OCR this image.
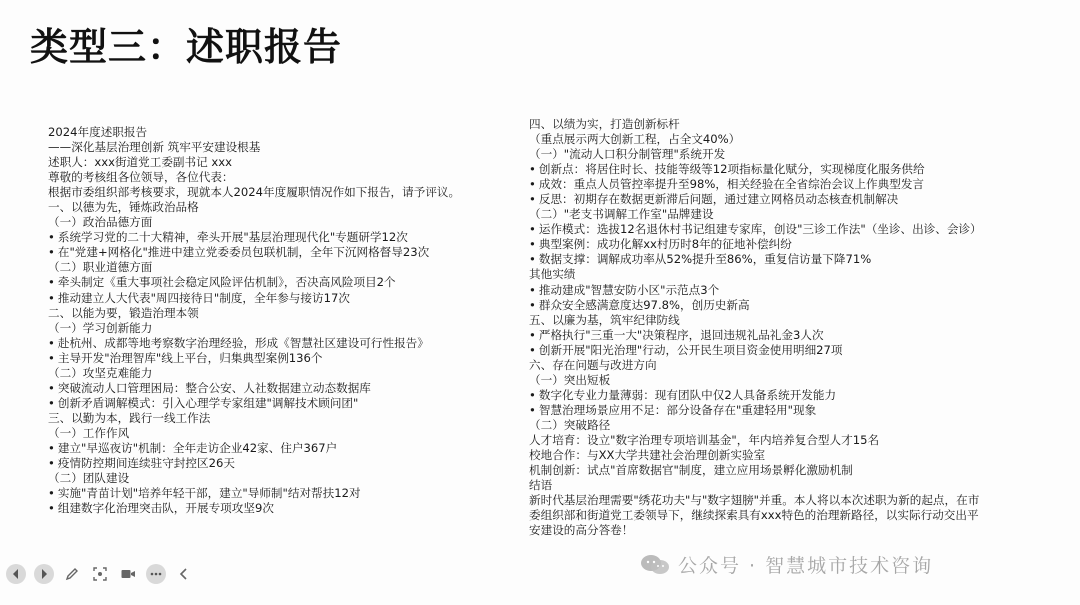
类型三：述职报告
2024年度述职报告
——深化基层治理创新 筑牢平安建设根基
述职人：xxx街道党工委副书记 xxx
尊敬的考核组各位领导，各位代表：
根据市委组织部考核要求，现就本人2024年度履职情况作如下报告，请予评议。
一、以德为先，锤炼政治品格
（一）政治品德方面
• 系统学习党的二十大精神，牵头开展"基层治理现代化"专题研学12次
• 在"党建+网格化"推进中建立党委委员包联机制，全年下沉网格督导23次
（二）职业道德方面
• 牵头制定《重大事项社会稳定风险评估机制》，否决高风险项目2个
• 推动建立人大代表"周四接待日"制度，全年参与接访17次
二、以能为要，锻造治理本领
（一）学习创新能力
• 赴杭州、成都等地考察数字治理经验，形成《智慧社区建设可行性报告》
• 主导开发"治理智库"线上平台，归集典型案例136个
（二）攻坚克难能力
• 突破流动人口管理困局：整合公安、人社数据建立动态数据库
• 创新矛盾调解模式：引入心理学专家组建"调解技术顾问团"
三、以勤为本，践行一线工作法
（一）工作作风
• 建立"早巡夜访"机制：全年走访企业42家、住户367户
• 疫情防控期间连续驻守封控区26天
（二）团队建设
• 实施"青苗计划"培养年轻干部，建立"导师制"结对帮扶12对
• 组建数字化治理突击队，开展专项攻坚9次
四、以绩为实，打造创新标杆
（重点展示两大创新工程，占全文40%）
（一）"流动人口积分制管理"系统开发
• 创新点：将居住时长、技能等级等12项指标量化赋分，实现梯度化服务供给
• 成效：重点人员管控率提升至98%，相关经验在全省综治会议上作典型发言
• 反思：初期存在数据更新滞后问题，通过建立网格员动态核查机制解决
（二）"老支书调解工作室"品牌建设
• 运作模式：选拔12名退休村书记组建专家库，创设"三诊工作法"（坐诊、出诊、会诊）
• 典型案例：成功化解xx村历时8年的征地补偿纠纷
• 数据支撑：调解成功率从52%提升至86%，重复信访量下降71%
其他实绩
• 推动建成"智慧安防小区"示范点3个
• 群众安全感满意度达97.8%，创历史新高
五、以廉为基，筑牢纪律防线
• 严格执行"三重一大"决策程序，退回违规礼品礼金3人次
• 创新开展"阳光治理"行动，公开民生项目资金使用明细27项
六、存在问题与改进方向
（一）突出短板
• 数字化专业力量薄弱：现有团队中仅2人具备系统开发能力
• 智慧治理场景应用不足：部分设备存在"重建轻用"现象
（二）突破路径
人才培育：设立"数字治理专项培训基金"，年内培养复合型人才15名
校地合作：与XX大学共建社会治理创新实验室
机制创新：试点"首席数据官"制度，建立应用场景孵化激励机制
结语
新时代基层治理需要"绣花功夫"与"数字翅膀"并重。本人将以本次述职为新的起点，在市
委组织部和街道党工委领导下，继续探索具有xxx特色的治理新路径，以实际行动交出平
安建设的高分答卷！
公众号 · 智慧城市技术咨询
